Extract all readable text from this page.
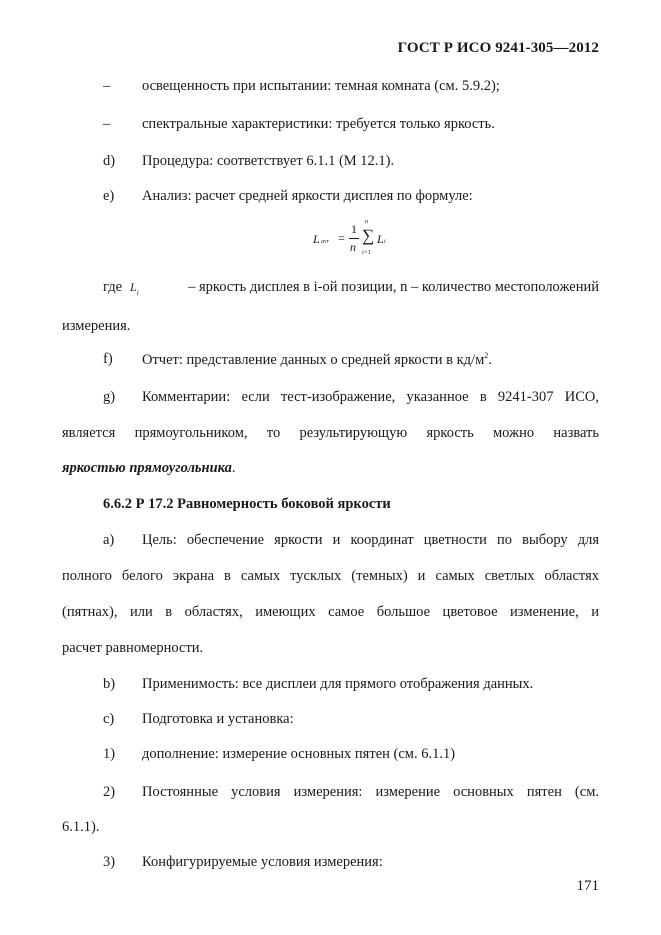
ГОСТ Р ИСО 9241-305—2012
– освещенность при испытании: темная комната (см. 5.9.2);
– спектральные характеристики: требуется только яркость.
d) Процедура: соответствует 6.1.1 (М 12.1).
e) Анализ: расчет средней яркости дисплея по формуле:
L avr =
1
n
∑
n
i=1
L i
где $L_i$	– яркость дисплея в i-ой позиции, n – количество местоположений
измерения.
f) Отчет: представление данных о средней яркости в $кд/м^2$.
g) Комментарии: если тест-изображение, указанное в 9241-307 ИСО,
является прямоугольником, то результирующую яркость можно назвать
яркостью прямоугольника.
6.6.2 Р 17.2 Равномерность боковой яркости
a) Цель: обеспечение яркости и координат цветности по выбору для
полного белого экрана в самых тусклых (темных) и самых светлых областях
(пятнах), или в областях, имеющих самое большое цветовое изменение, и
расчет равномерности.
b) Применимость: все дисплеи для прямого отображения данных.
c) Подготовка и установка:
1) дополнение: измерение основных пятен (см. 6.1.1)
2) Постоянные условия измерения: измерение основных пятен (см.
6.1.1).
3) Конфигурируемые условия измерения:
171
